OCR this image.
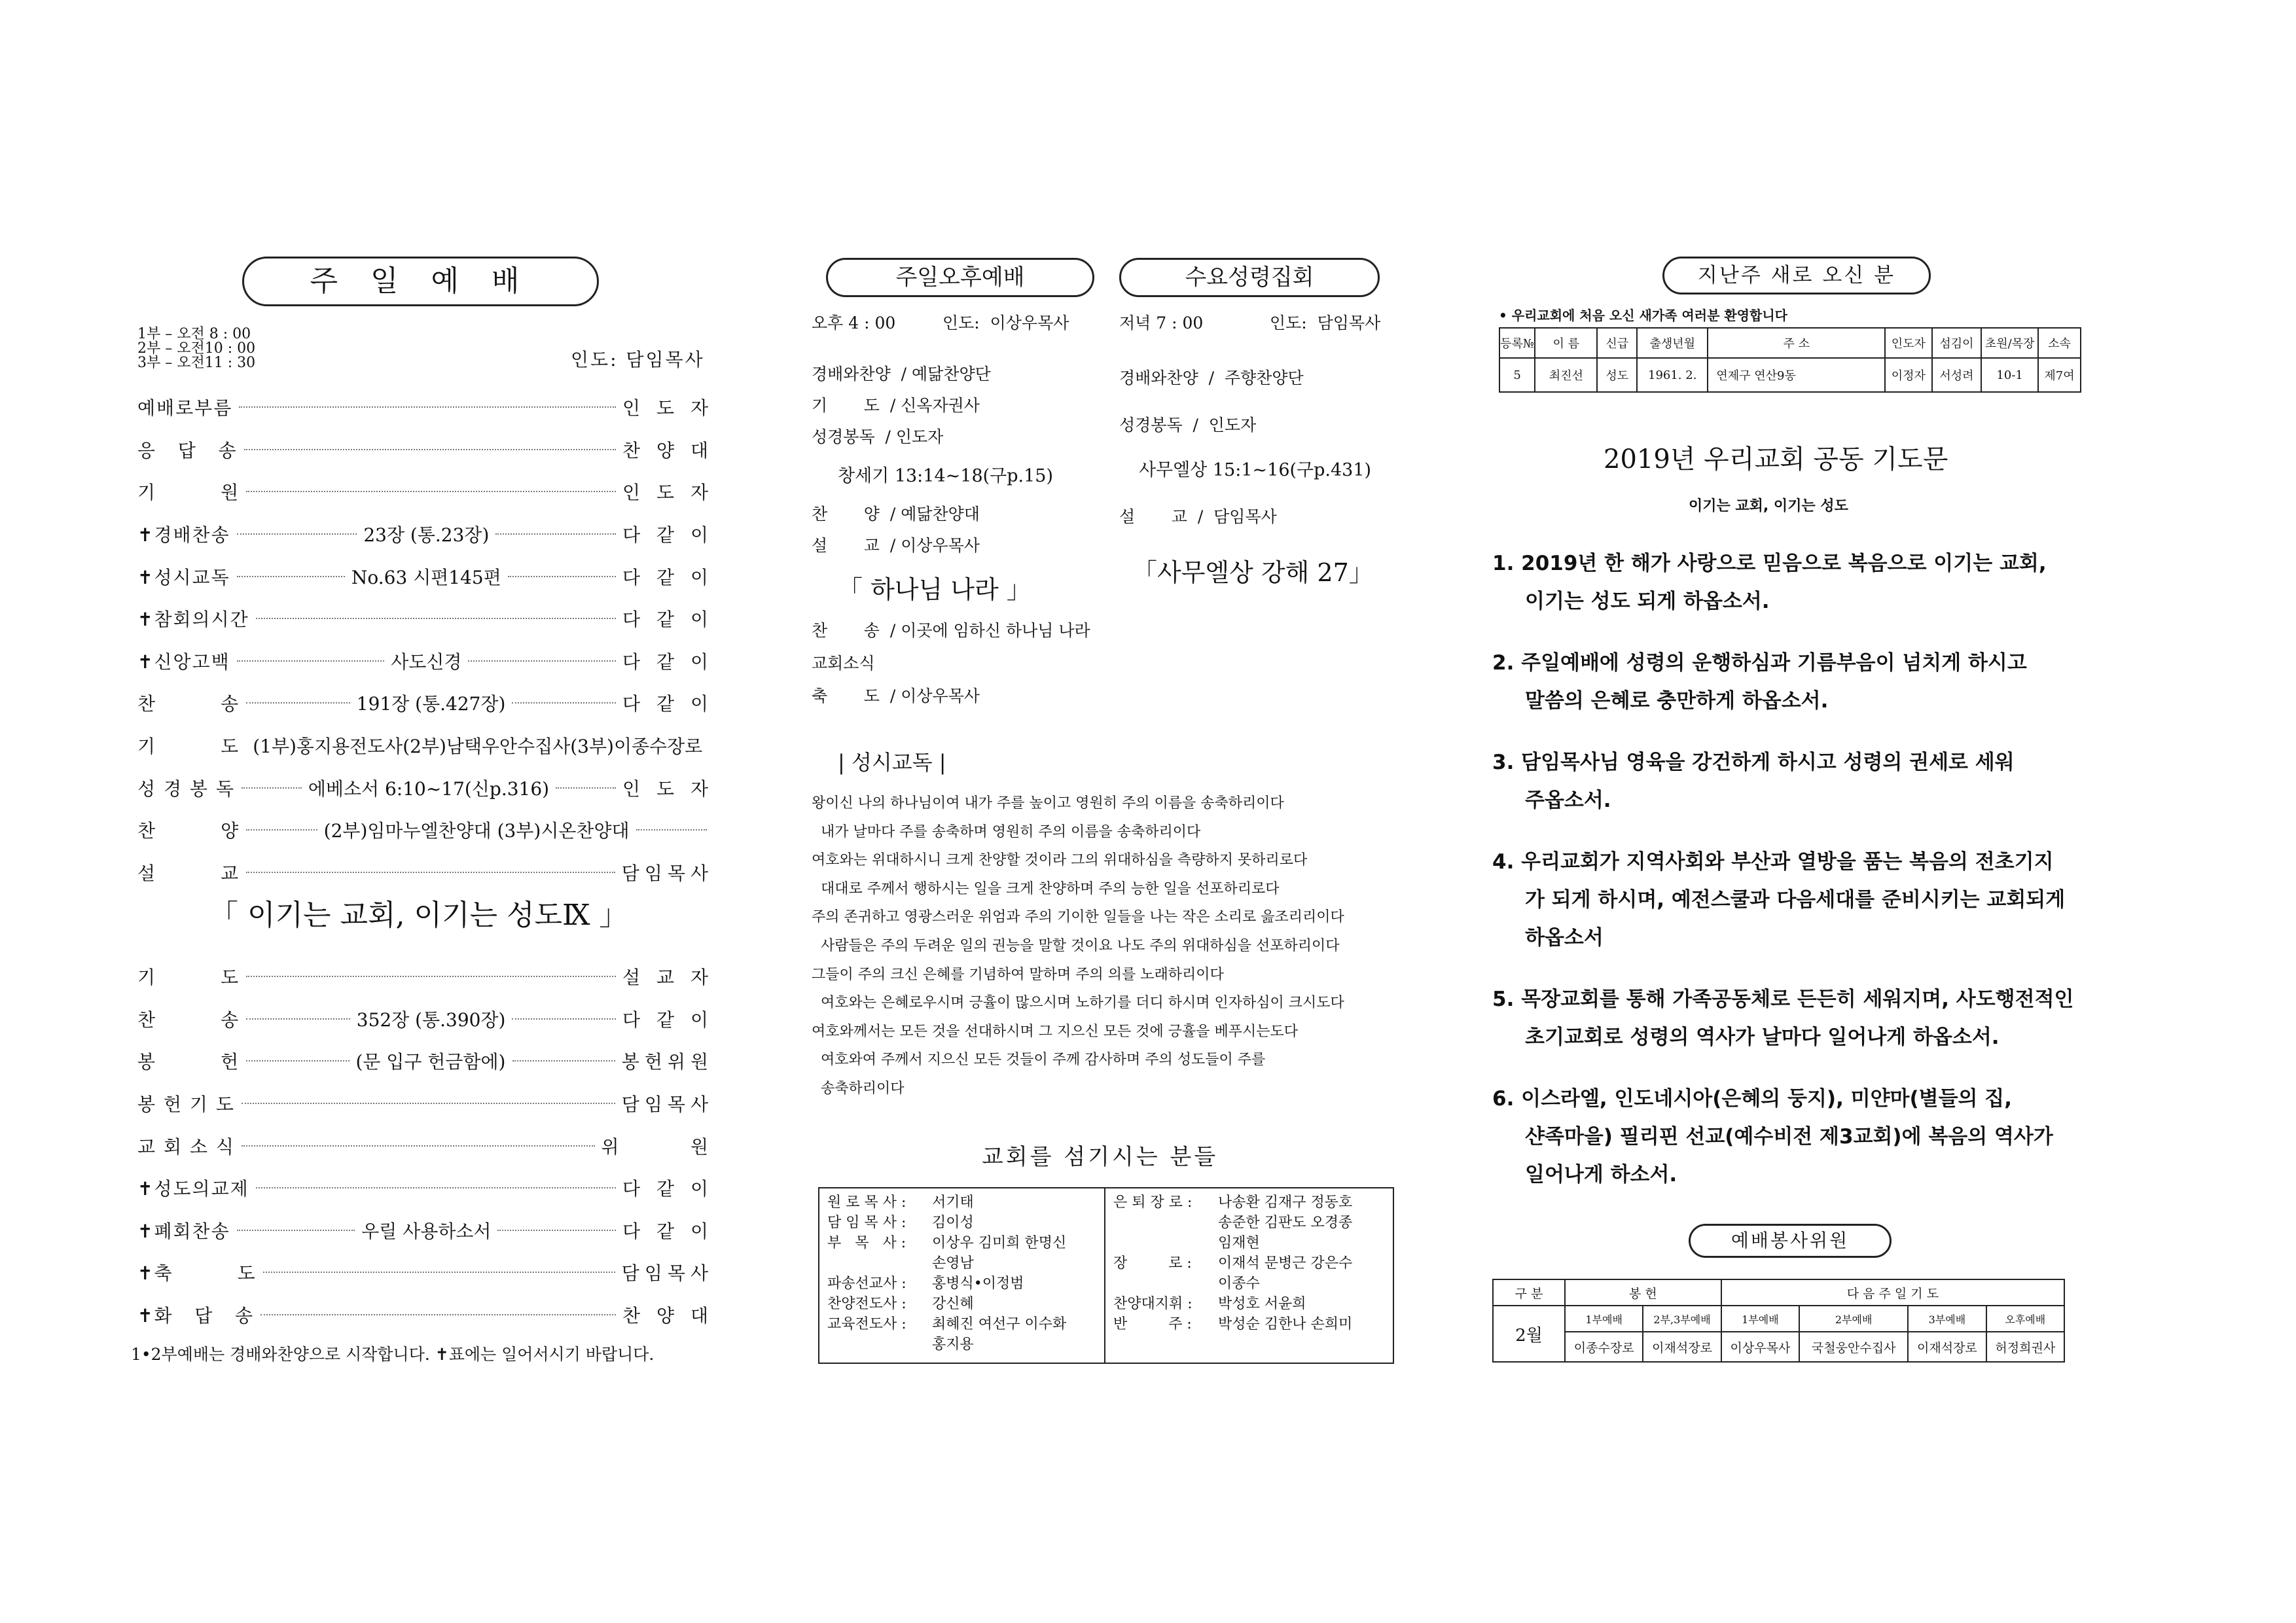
주 일 예 배
1부 – 오전 8 : 00
2부 – 오전10 : 00
3부 – 오전11 : 30	인도: 담임목사
예배로부름	인 도 자
응   답   송	찬 양 대
기         원	인 도 자
✝경배찬송	23장 (통.23장)	다 같 이
✝성시교독	No.63 시편145편	다 같 이
✝참회의시간	다 같 이
✝신앙고백	사도신경	다 같 이
찬         송	191장 (통.427장)	다 같 이
기         도 (1부)홍지용전도사(2부)남택우안수집사(3부)이종수장로
성 경 봉 독	에베소서 6:10~17(신p.316)	인 도 자
찬         양	(2부)임마누엘찬양대 (3부)시온찬양대
설         교	담임목사
「 이기는 교회, 이기는 성도Ⅸ 」
기         도	설 교 자
찬         송	352장 (통.390장)	다 같 이
봉         헌	(문 입구 헌금함에)	봉헌위원
봉 헌 기 도	담임목사
교 회 소 식	위      원
✝성도의교제	다 같 이
✝폐회찬송	우릴 사용하소서	다 같 이
✝축         도	담임목사
✝화   답   송	찬 양 대
1•2부예배는 경배와찬양으로 시작합니다. ✝표에는 일어서시기 바랍니다.
주일오후예배
오후 4 : 00	인도:  이상우목사
경배와찬양  / 예닮찬양단
기       도  / 신옥자권사
성경봉독  / 인도자
창세기 13:14~18(구p.15)
찬       양  / 예닮찬양대
설       교  / 이상우목사
「 하나님 나라 」
찬       송  / 이곳에 임하신 하나님 나라
교회소식
축       도  / 이상우목사
수요성령집회
저녁 7 : 00	인도:  담임목사
경배와찬양  /  주향찬양단
성경봉독  /  인도자
사무엘상 15:1~16(구p.431)
설       교  /  담임목사
「사무엘상 강해 27」
| 성시교독 |
왕이신 나의 하나님이여 내가 주를 높이고 영원히 주의 이름을 송축하리이다
내가 날마다 주를 송축하며 영원히 주의 이름을 송축하리이다
여호와는 위대하시니 크게 찬양할 것이라 그의 위대하심을 측량하지 못하리로다
대대로 주께서 행하시는 일을 크게 찬양하며 주의 능한 일을 선포하리로다
주의 존귀하고 영광스러운 위엄과 주의 기이한 일들을 나는 작은 소리로 읊조리리이다
사람들은 주의 두려운 일의 권능을 말할 것이요 나도 주의 위대하심을 선포하리이다
그들이 주의 크신 은혜를 기념하여 말하며 주의 의를 노래하리이다
여호와는 은혜로우시며 긍휼이 많으시며 노하기를 더디 하시며 인자하심이 크시도다
여호와께서는 모든 것을 선대하시며 그 지으신 모든 것에 긍휼을 베푸시는도다
여호와여 주께서 지으신 모든 것들이 주께 감사하며 주의 성도들이 주를
송축하리이다
교회를 섬기시는 분들
원 로 목 사 :	서기태
담 임 목 사 :	김이성
부   목   사 :	이상우 김미희 한명신
손영남
파송선교사 :	홍병식•이정범
찬양전도사 :	강신혜
교육전도사 :	최혜진 여선구 이수화
홍지용
은 퇴 장 로 :	나송환 김재구 정동호
송준한 김판도 오경종
임재현
장         로 :	이재석 문병근 강은수
이종수
찬양대지휘 :	박성호 서윤희
반         주 :	박성순 김한나 손희미
지난주 새로 오신 분
• 우리교회에 처음 오신 새가족 여러분 환영합니다
등록№	이 름	신급	출생년월	주 소	인도자	섬김이	초원/목장	소속
5	최진선	성도	1961. 2.	연제구 연산9동	이정자	서성려	10-1	제7여
2019년 우리교회 공동 기도문
이기는 교회, 이기는 성도
1. 2019년 한 해가 사랑으로 믿음으로 복음으로 이기는 교회,
이기는 성도 되게 하옵소서.
2. 주일예배에 성령의 운행하심과 기름부음이 넘치게 하시고
말씀의 은혜로 충만하게 하옵소서.
3. 담임목사님 영육을 강건하게 하시고 성령의 권세로 세워
주옵소서.
4. 우리교회가 지역사회와 부산과 열방을 품는 복음의 전초기지
가 되게 하시며, 예전스쿨과 다음세대를 준비시키는 교회되게
하옵소서
5. 목장교회를 통해 가족공동체로 든든히 세워지며, 사도행전적인
초기교회로 성령의 역사가 날마다 일어나게 하옵소서.
6. 이스라엘, 인도네시아(은혜의 둥지), 미얀마(별들의 집,
샨족마을) 필리핀 선교(예수비전 제3교회)에 복음의 역사가
일어나게 하소서.
예배봉사위원
구 분	봉 헌		다 음 주 일 기 도			
2월	1부예배	2부,3부예배	1부예배	2부예배	3부예배	오후예배
	이종수장로	이재석장로	이상우목사	국철웅안수집사	이재석장로	허정희권사
